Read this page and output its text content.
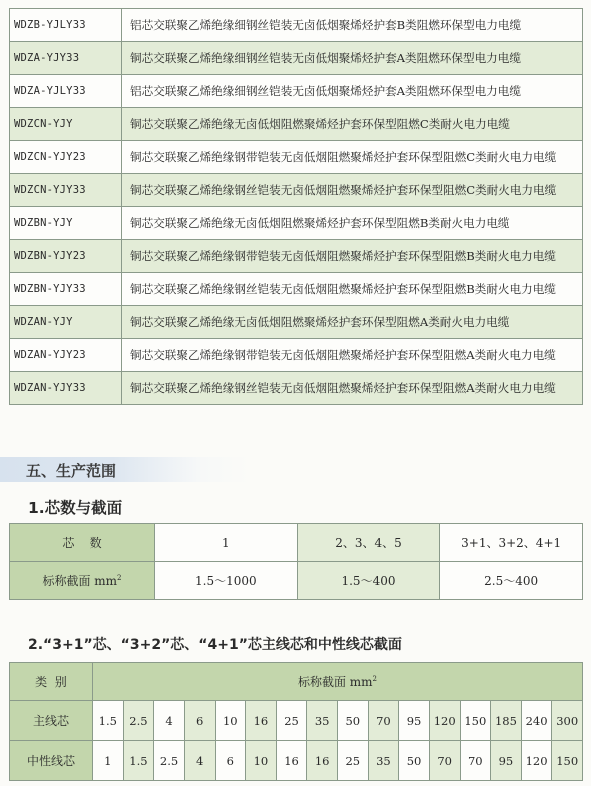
WDZB-YJLY33	铝芯交联聚乙烯绝缘细钢丝铠装无卤低烟聚烯烃护套B类阻燃环保型电力电缆
WDZA-YJY33	铜芯交联聚乙烯绝缘细钢丝铠装无卤低烟聚烯烃护套A类阻燃环保型电力电缆
WDZA-YJLY33	铝芯交联聚乙烯绝缘细钢丝铠装无卤低烟聚烯烃护套A类阻燃环保型电力电缆
WDZCN-YJY	铜芯交联聚乙烯绝缘无卤低烟阻燃聚烯烃护套环保型阻燃C类耐火电力电缆
WDZCN-YJY23	铜芯交联聚乙烯绝缘钢带铠装无卤低烟阻燃聚烯烃护套环保型阻燃C类耐火电力电缆
WDZCN-YJY33	铜芯交联聚乙烯绝缘钢丝铠装无卤低烟阻燃聚烯烃护套环保型阻燃C类耐火电力电缆
WDZBN-YJY	铜芯交联聚乙烯绝缘无卤低烟阻燃聚烯烃护套环保型阻燃B类耐火电力电缆
WDZBN-YJY23	铜芯交联聚乙烯绝缘钢带铠装无卤低烟阻燃聚烯烃护套环保型阻燃B类耐火电力电缆
WDZBN-YJY33	铜芯交联聚乙烯绝缘钢丝铠装无卤低烟阻燃聚烯烃护套环保型阻燃B类耐火电力电缆
WDZAN-YJY	铜芯交联聚乙烯绝缘无卤低烟阻燃聚烯烃护套环保型阻燃A类耐火电力电缆
WDZAN-YJY23	铜芯交联聚乙烯绝缘钢带铠装无卤低烟阻燃聚烯烃护套环保型阻燃A类耐火电力电缆
WDZAN-YJY33	铜芯交联聚乙烯绝缘钢丝铠装无卤低烟阻燃聚烯烃护套环保型阻燃A类耐火电力电缆
五、生产范围
1.芯数与截面
芯    数	1	2、3、4、5	3+1、3+2、4+1
标称截面 $mm^2$	1.5～1000	1.5～400	2.5～400
2.“3+1”芯、“3+2”芯、“4+1”芯主线芯和中性线芯截面
类  别	标称截面 $mm^2$
主线芯	1.5	2.5	4	6	10	16	25	35	50	70	95	120	150	185	240	300
中性线芯	1	1.5	2.5	4	6	10	16	16	25	35	50	70	70	95	120	150
